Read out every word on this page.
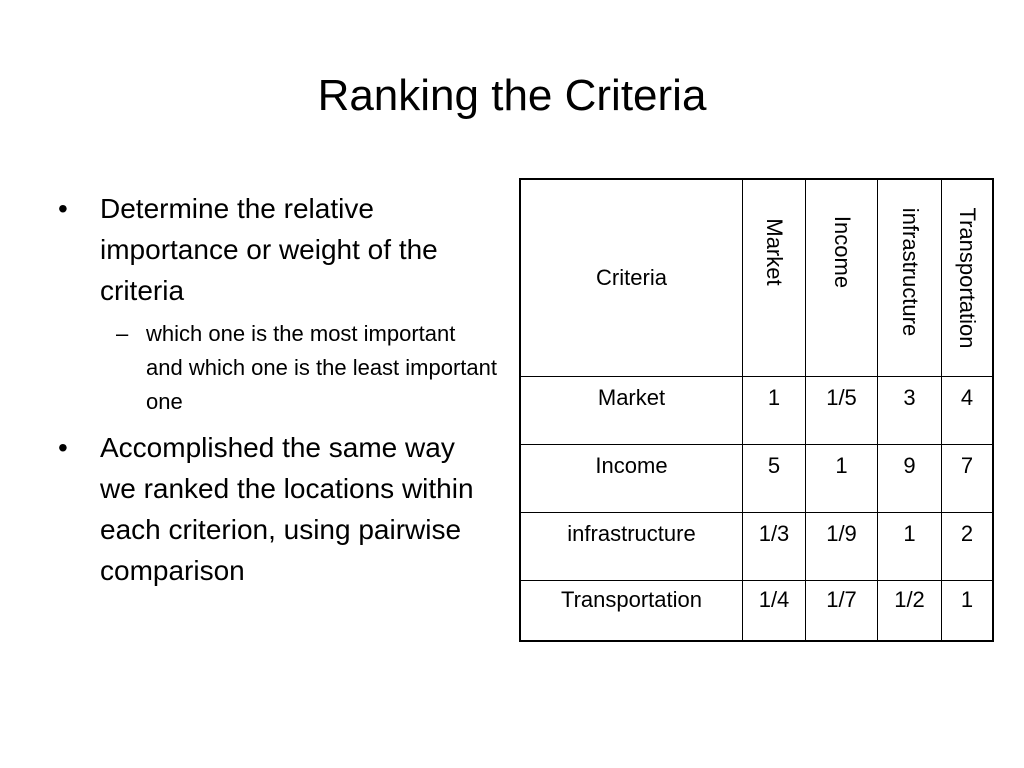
Ranking the Criteria
• Determine the relative importance or weight of the criteria
– which one is the most important and which one is the least important one
• Accomplished the same way we ranked the locations within each criterion, using pairwise comparison
Criteria	Market	Income	infrastructure	Transportation

Market	1	1/5	3	4
Income	5	1	9	7
infrastructure	1/3	1/9	1	2
Transportation	1/4	1/7	1/2	1
